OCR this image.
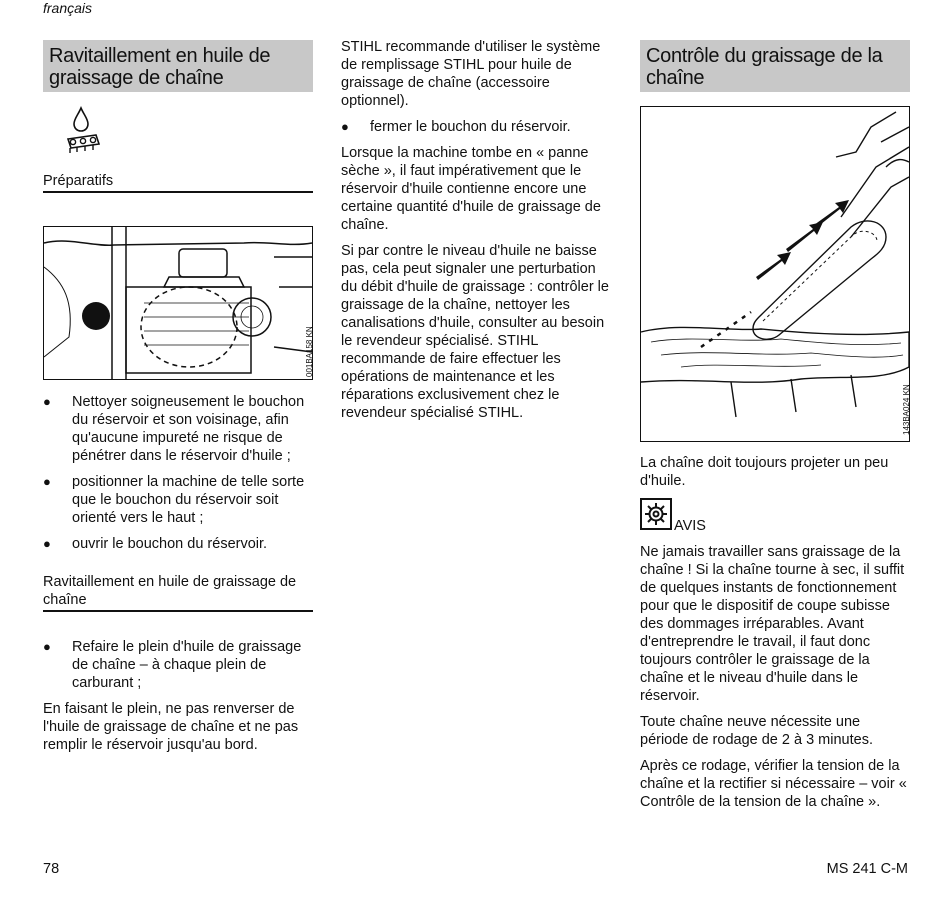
français
Ravitaillement en huile de graissage de chaîne
Préparatifs
001BA158 KN
● Nettoyer soigneusement le bouchon du réservoir et son voisinage, afin qu'aucune impureté ne risque de pénétrer dans le réservoir d'huile ;
● positionner la machine de telle sorte que le bouchon du réservoir soit orienté vers le haut ;
● ouvrir le bouchon du réservoir.
Ravitaillement en huile de graissage de chaîne
● Refaire le plein d'huile de graissage de chaîne – à chaque plein de carburant ;

En faisant le plein, ne pas renverser de l'huile de graissage de chaîne et ne pas remplir le réservoir jusqu'au bord.

STIHL recommande d'utiliser le système de remplissage STIHL pour huile de graissage de chaîne (accessoire optionnel).

● fermer le bouchon du réservoir.

Lorsque la machine tombe en « panne sèche », il faut impérativement que le réservoir d'huile contienne encore une certaine quantité d'huile de graissage de chaîne.

Si par contre le niveau d'huile ne baisse pas, cela peut signaler une perturbation du débit d'huile de graissage : contrôler le graissage de la chaîne, nettoyer les canalisations d'huile, consulter au besoin le revendeur spécialisé. STIHL recommande de faire effectuer les opérations de maintenance et les réparations exclusivement chez le revendeur spécialisé STIHL.

Contrôle du graissage de la chaîne
143BA024 KN

La chaîne doit toujours projeter un peu d'huile.

AVIS

Ne jamais travailler sans graissage de la chaîne ! Si la chaîne tourne à sec, il suffit de quelques instants de fonctionnement pour que le dispositif de coupe subisse des dommages irréparables. Avant d'entreprendre le travail, il faut donc toujours contrôler le graissage de la chaîne et le niveau d'huile dans le réservoir.

Toute chaîne neuve nécessite une période de rodage de 2 à 3 minutes.

Après ce rodage, vérifier la tension de la chaîne et la rectifier si nécessaire – voir « Contrôle de la tension de la chaîne ».

78	MS 241 C-M
